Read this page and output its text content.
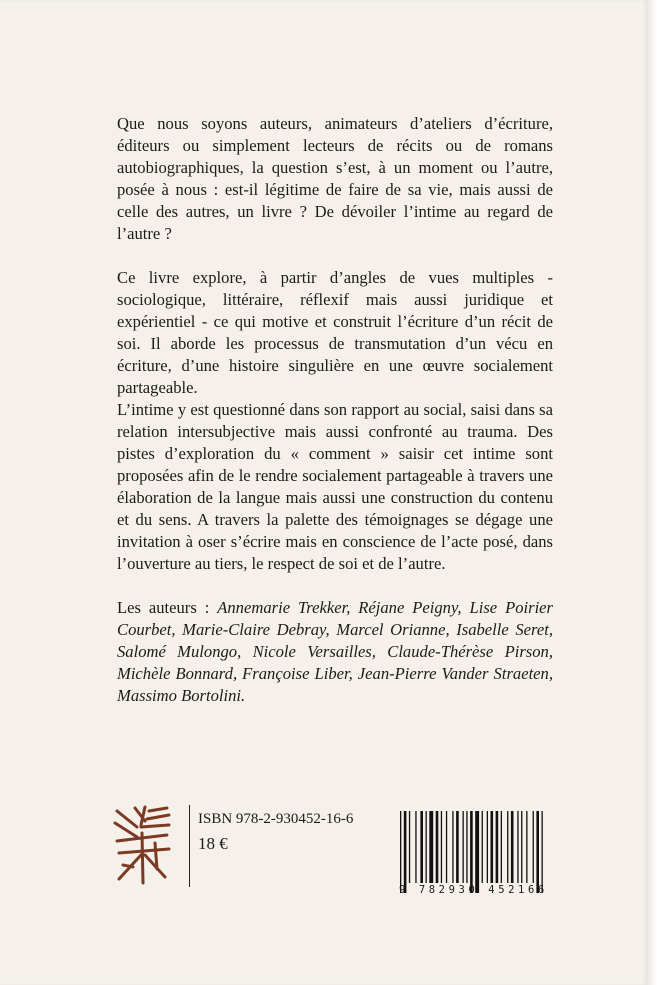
Que nous soyons auteurs, animateurs d’ateliers d’écriture, éditeurs ou simplement lecteurs de récits ou de romans autobiographiques, la question s’est, à un moment ou l’autre, posée à nous : est-il légitime de faire de sa vie, mais aussi de celle des autres, un livre ? De dévoiler l’intime au regard de l’autre ?

Ce livre explore, à partir d’angles de vues multiples - sociologique, littéraire, réflexif mais aussi juridique et expérientiel - ce qui motive et construit l’écriture d’un récit de soi. Il aborde les processus de transmutation d’un vécu en écriture, d’une histoire singulière en une œuvre socialement partageable.

L’intime y est questionné dans son rapport au social, saisi dans sa relation intersubjective mais aussi confronté au trauma. Des pistes d’exploration du « comment » saisir cet intime sont proposées afin de le rendre socialement partageable à travers une élaboration de la langue mais aussi une construction du contenu et du sens. A travers la palette des témoignages se dégage une invitation à oser s’écrire mais en conscience de l’acte posé, dans l’ouverture au tiers, le respect de soi et de l’autre.

Les auteurs : Annemarie Trekker, Réjane Peigny, Lise Poirier Courbet, Marie-Claire Debray, Marcel Orianne, Isabelle Seret, Salomé Mulongo, Nicole Versailles, Claude-Thérèse Pirson, Michèle Bonnard, Françoise Liber, Jean-Pierre Vander Straeten, Massimo Bortolini.

ISBN 978-2-930452-16-6
18 €
9 782930 452166
